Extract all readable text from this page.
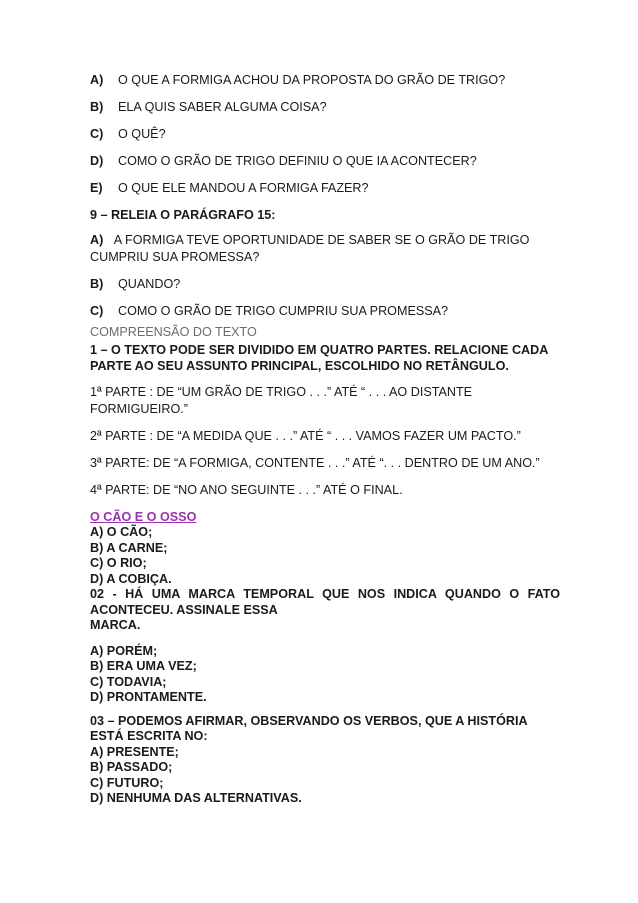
A)	O QUE A FORMIGA ACHOU DA PROPOSTA DO GRÃO DE TRIGO?
B)	ELA QUIS SABER ALGUMA COISA?
C)	O QUÊ?
D)	COMO O GRÃO DE TRIGO DEFINIU O QUE IA ACONTECER?
E)	O QUE ELE MANDOU A FORMIGA FAZER?

9 – RELEIA O PARÁGRAFO 15:

A) A FORMIGA TEVE OPORTUNIDADE DE SABER SE O GRÃO DE TRIGO CUMPRIU SUA PROMESSA?

B)	QUANDO?
C)	COMO O GRÃO DE TRIGO CUMPRIU SUA PROMESSA?

COMPREENSÃO DO TEXTO

1 – O TEXTO PODE SER DIVIDIDO EM QUATRO PARTES. RELACIONE CADA PARTE AO SEU ASSUNTO PRINCIPAL, ESCOLHIDO NO RETÂNGULO.

1ª PARTE : DE “UM GRÃO DE TRIGO . . .” ATÉ “ . . . AO DISTANTE FORMIGUEIRO.”

2ª PARTE : DE “A MEDIDA QUE . . .” ATÉ “ . . . VAMOS FAZER UM PACTO.”

3ª PARTE: DE “A FORMIGA, CONTENTE . . .” ATÉ “. . . DENTRO DE UM ANO.”

4ª PARTE: DE “NO ANO SEGUINTE . . .” ATÉ O FINAL.

O CÃO E O OSSO

A) O CÃO;

B) A CARNE;

C) O RIO;

D) A COBIÇA.

02 - HÁ UMA MARCA TEMPORAL QUE NOS INDICA QUANDO O FATO ACONTECEU. ASSINALE ESSA

MARCA.

A) PORÉM;

B) ERA UMA VEZ;

C) TODAVIA;

D) PRONTAMENTE.

03 – PODEMOS AFIRMAR, OBSERVANDO OS VERBOS, QUE A HISTÓRIA ESTÁ ESCRITA NO:

A) PRESENTE;

B) PASSADO;

C) FUTURO;

D) NENHUMA DAS ALTERNATIVAS.
